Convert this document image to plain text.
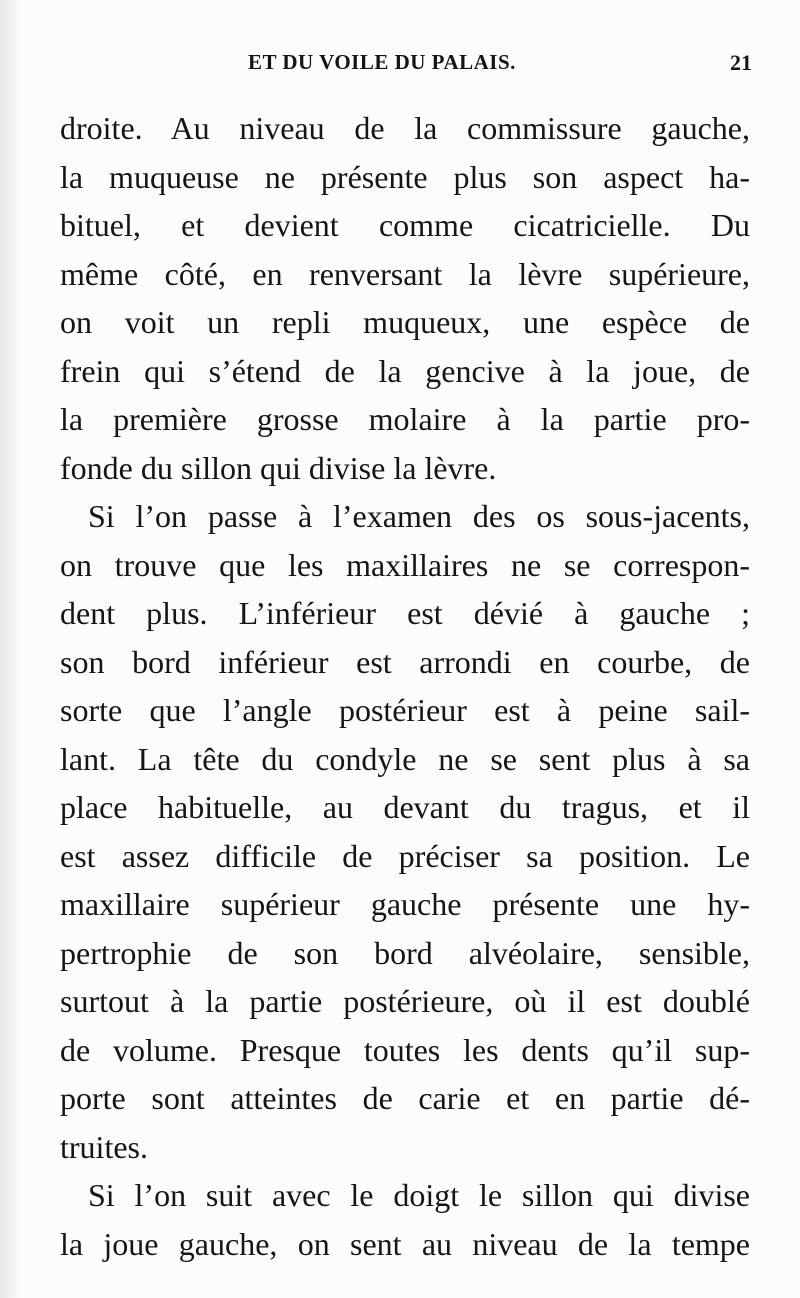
ET DU VOILE DU PALAIS.	21
droite. Au niveau de la commissure gauche,
la muqueuse ne présente plus son aspect ha-
bituel, et devient comme cicatricielle. Du
même côté, en renversant la lèvre supérieure,
on voit un repli muqueux, une espèce de
frein qui s’étend de la gencive à la joue, de
la première grosse molaire à la partie pro-
fonde du sillon qui divise la lèvre.
Si l’on passe à l’examen des os sous-jacents,
on trouve que les maxillaires ne se correspon-
dent plus. L’inférieur est dévié à gauche ;
son bord inférieur est arrondi en courbe, de
sorte que l’angle postérieur est à peine sail-
lant. La tête du condyle ne se sent plus à sa
place habituelle, au devant du tragus, et il
est assez difficile de préciser sa position. Le
maxillaire supérieur gauche présente une hy-
pertrophie de son bord alvéolaire, sensible,
surtout à la partie postérieure, où il est doublé
de volume. Presque toutes les dents qu’il sup-
porte sont atteintes de carie et en partie dé-
truites.
Si l’on suit avec le doigt le sillon qui divise
la joue gauche, on sent au niveau de la tempe
